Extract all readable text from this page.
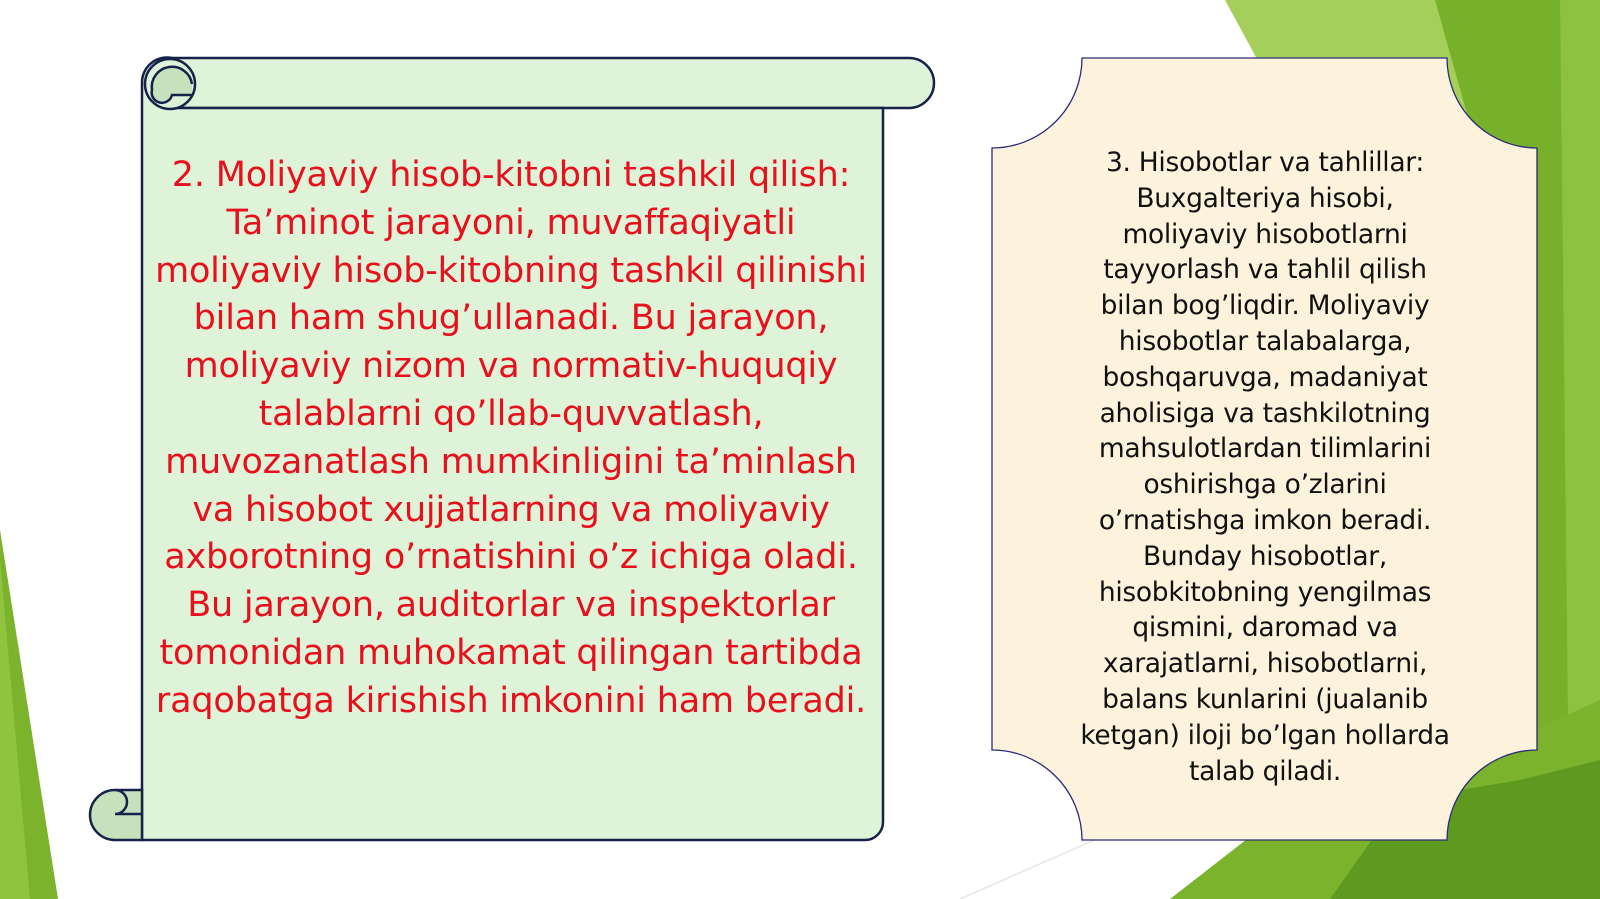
2. Moliyaviy hisob-kitobni tashkil qilish: Ta’minot jarayoni, muvaffaqiyatli moliyaviy hisob-kitobning tashkil qilinishi bilan ham shug’ullanadi. Bu jarayon, moliyaviy nizom va normativ-huquqiy talablarni qo’llab-quvvatlash, muvozanatlash mumkinligini ta’minlash va hisobot xujjatlarning va moliyaviy axborotning o’rnatishini o’z ichiga oladi. Bu jarayon, auditorlar va inspektorlar tomonidan muhokamat qilingan tartibda raqobatga kirishish imkonini ham beradi.

3. Hisobotlar va tahlillar: Buxgalteriya hisobi, moliyaviy hisobotlarni tayyorlash va tahlil qilish bilan bog’liqdir. Moliyaviy hisobotlar talabalarga, boshqaruvga, madaniyat aholisiga va tashkilotning mahsulotlardan tilimlarini oshirishga o’zlarini o’rnatishga imkon beradi. Bunday hisobotlar, hisobkitobning yengilmas qismini, daromad va xarajatlarni, hisobotlarni, balans kunlarini (jualanib ketgan) iloji bo’lgan hollarda talab qiladi.
